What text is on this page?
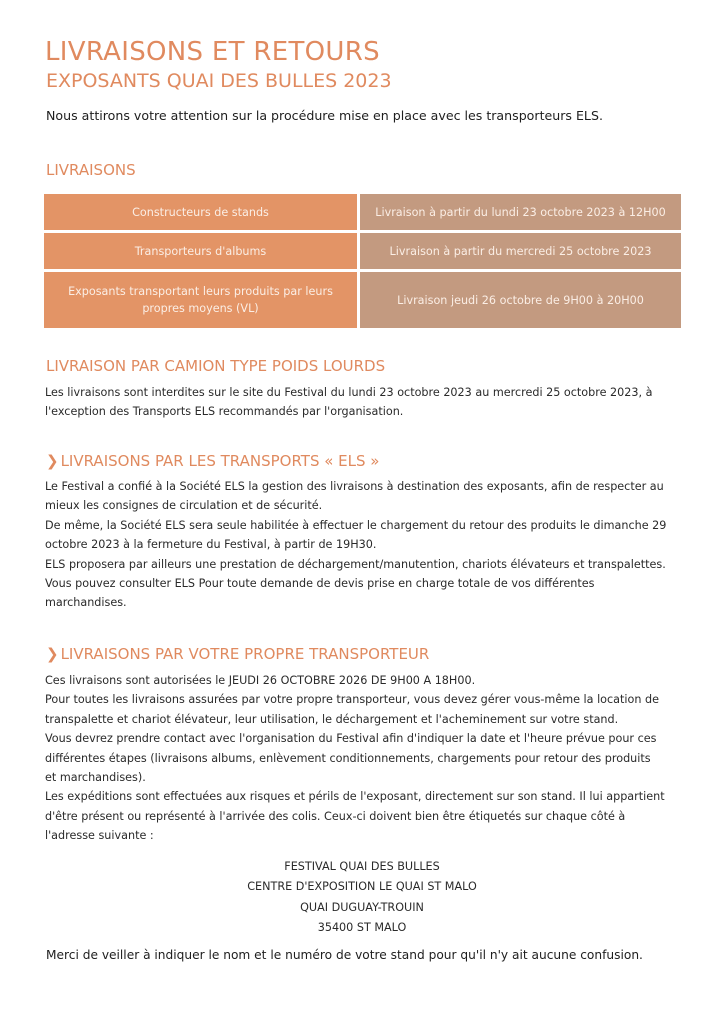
LIVRAISONS ET RETOURS
EXPOSANTS QUAI DES BULLES 2023
Nous attirons votre attention sur la procédure mise en place avec les transporteurs ELS.
LIVRAISONS
Constructeurs de stands	Livraison à partir du lundi 23 octobre 2023 à 12H00
Transporteurs d'albums	Livraison à partir du mercredi 25 octobre 2023

Exposants transportant leurs produits par leurs
propres moyens (VL)	Livraison jeudi 26 octobre de 9H00 à 20H00
LIVRAISON PAR CAMION TYPE POIDS LOURDS
Les livraisons sont interdites sur le site du Festival du lundi 23 octobre 2023 au mercredi 25 octobre 2023, à
l'exception des Transports ELS recommandés par l'organisation.
❯ LIVRAISONS PAR LES TRANSPORTS « ELS »
Le Festival a confié à la Société ELS la gestion des livraisons à destination des exposants, afin de respecter au
mieux les consignes de circulation et de sécurité.
De même, la Société ELS sera seule habilitée à effectuer le chargement du retour des produits le dimanche 29
octobre 2023 à la fermeture du Festival, à partir de 19H30.
ELS proposera par ailleurs une prestation de déchargement/manutention, chariots élévateurs et transpalettes.
Vous pouvez consulter ELS Pour toute demande de devis prise en charge totale de vos différentes
marchandises.
❯ LIVRAISONS PAR VOTRE PROPRE TRANSPORTEUR
Ces livraisons sont autorisées le JEUDI 26 OCTOBRE 2026 DE 9H00 A 18H00.
Pour toutes les livraisons assurées par votre propre transporteur, vous devez gérer vous-même la location de
transpalette et chariot élévateur, leur utilisation, le déchargement et l'acheminement sur votre stand.
Vous devrez prendre contact avec l'organisation du Festival afin d'indiquer la date et l'heure prévue pour ces
différentes étapes (livraisons albums, enlèvement conditionnements, chargements pour retour des produits
et marchandises).
Les expéditions sont effectuées aux risques et périls de l'exposant, directement sur son stand. Il lui appartient
d'être présent ou représenté à l'arrivée des colis. Ceux-ci doivent bien être étiquetés sur chaque côté à
l'adresse suivante :
FESTIVAL QUAI DES BULLES
CENTRE D'EXPOSITION LE QUAI ST MALO
QUAI DUGUAY-TROUIN
35400 ST MALO
Merci de veiller à indiquer le nom et le numéro de votre stand pour qu'il n'y ait aucune confusion.
